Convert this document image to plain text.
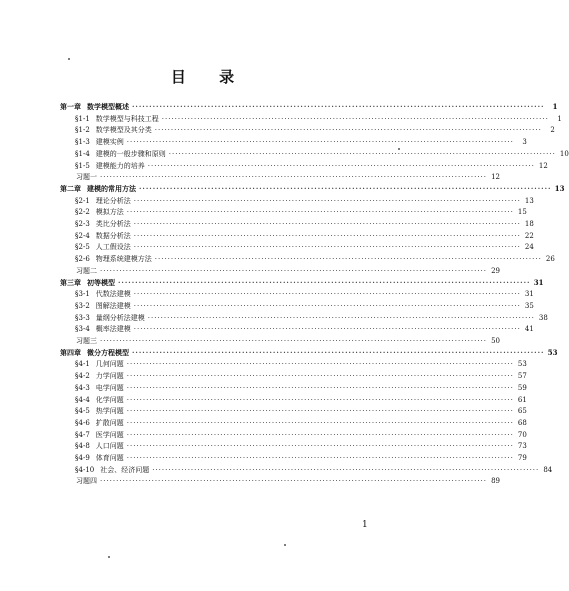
目 录
第一章 数学模型概述 ························································································································	1
§1-1 数学模型与科技工程 ························································································································	1
§1-2 数学模型及其分类 ························································································································	2
§1-3 建模实例 ························································································································	3
§1-4 建模的一般步骤和原则 ························································································································ 10
§1-5 建模能力的培养 ························································································································ 12
习题一 ························································································································ 12
第二章 建模的常用方法 ························································································································ 13
§2-1 理论分析法 ························································································································ 13
§2-2 模拟方法 ························································································································ 15
§2-3 类比分析法 ························································································································ 18
§2-4 数据分析法 ························································································································ 22
§2-5 人工假设法 ························································································································ 24
§2-6 物理系统建模方法 ························································································································ 26
习题二 ························································································································ 29
第三章 初等模型 ························································································································ 31
§3-1 代数法建模 ························································································································ 31
§3-2 图解法建模 ························································································································ 35
§3-3 量纲分析法建模 ························································································································ 38
§3-4 概率法建模 ························································································································ 41
习题三 ························································································································ 50
第四章 微分方程模型 ························································································································ 53
§4-1 几何问题 ························································································································ 53
§4-2 力学问题 ························································································································ 57
§4-3 电学问题 ························································································································ 59
§4-4 化学问题 ························································································································ 61
§4-5 热学问题 ························································································································ 65
§4-6 扩散问题 ························································································································ 68
§4-7 医学问题 ························································································································ 70
§4-8 人口问题 ························································································································ 73
§4-9 体育问题 ························································································································ 79
§4-10 社会、经济问题 ························································································································ 84
习题四 ························································································································ 89
1
